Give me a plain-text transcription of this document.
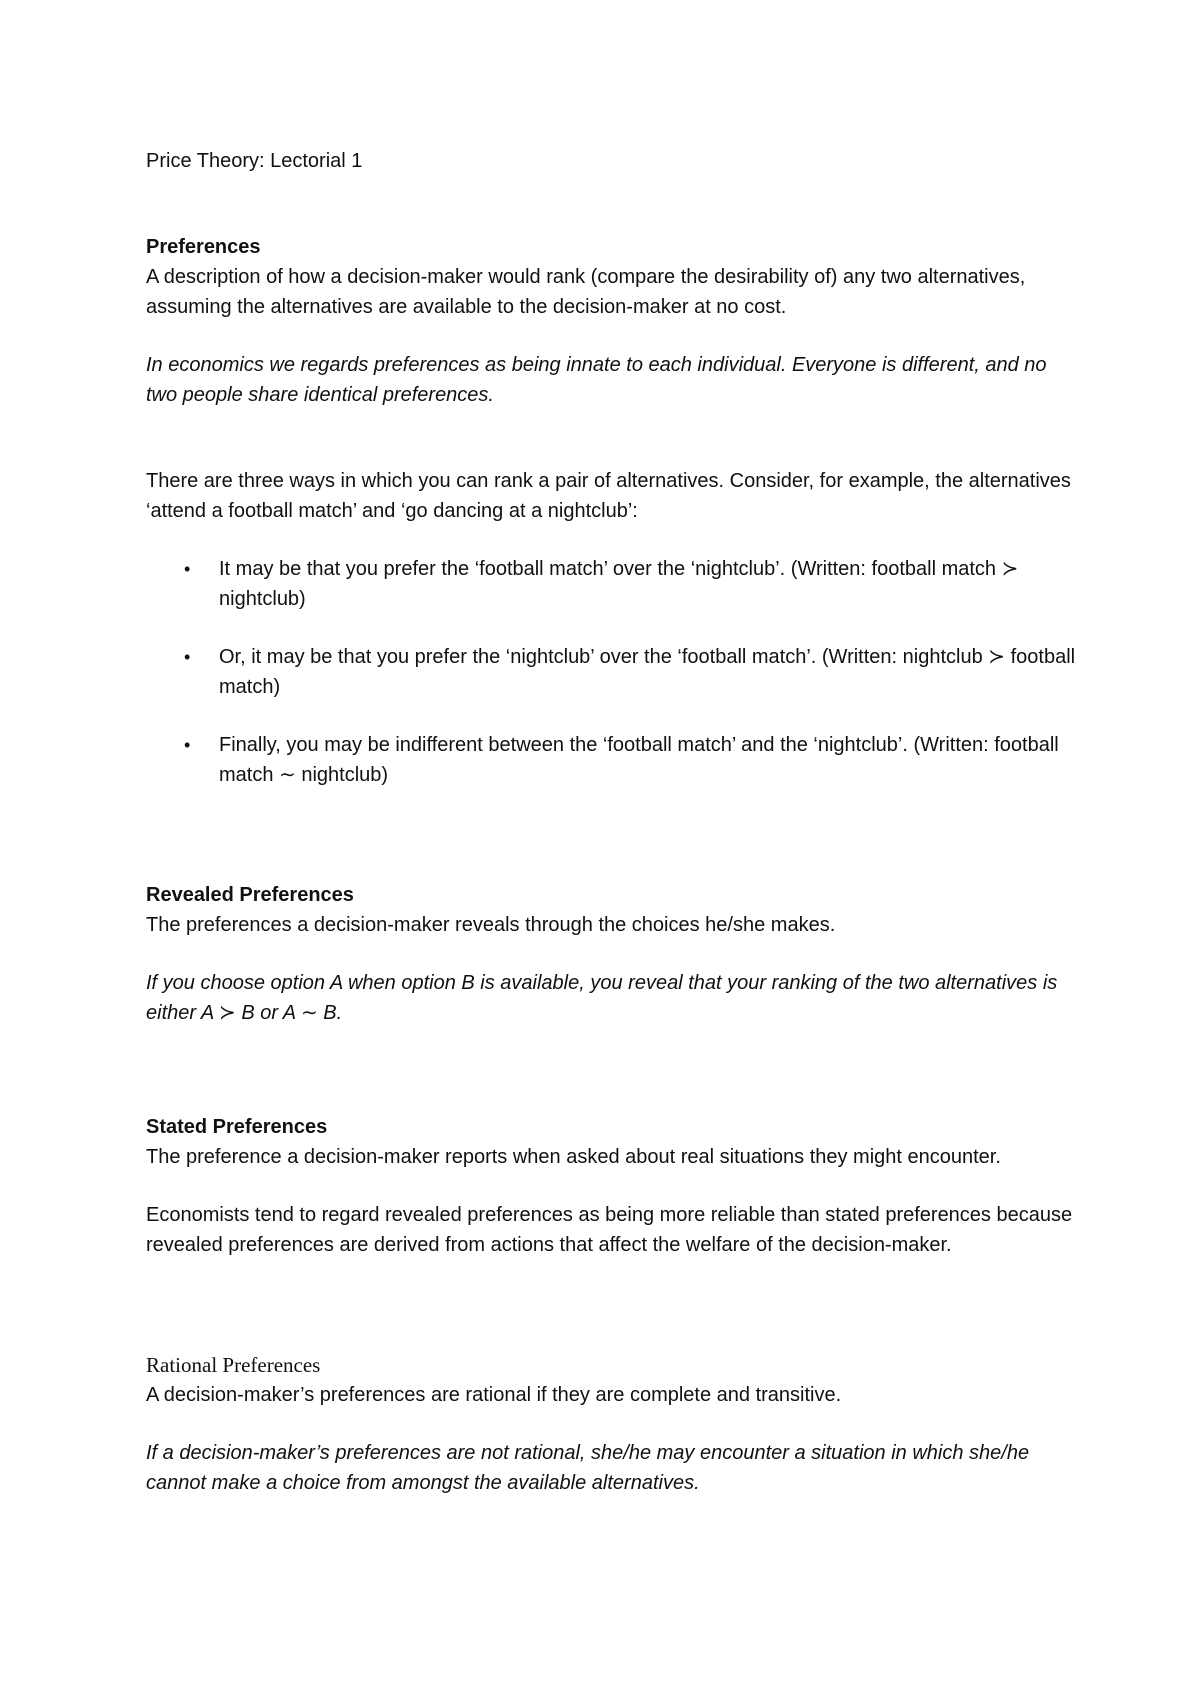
Price Theory: Lectorial 1
Preferences

A description of how a decision-maker would rank (compare the desirability of) any two alternatives, assuming the alternatives are available to the decision-maker at no cost.

In economics we regards preferences as being innate to each individual. Everyone is different, and no two people share identical preferences.

There are three ways in which you can rank a pair of alternatives. Consider, for example, the alternatives ‘attend a football match’ and ‘go dancing at a nightclub’:

• It may be that you prefer the ‘football match’ over the ‘nightclub’. (Written: football match ≻ nightclub)
• Or, it may be that you prefer the ‘nightclub’ over the ‘football match’. (Written: nightclub ≻ football match)
• Finally, you may be indifferent between the ‘football match’ and the ‘nightclub’. (Written: football match ∼ nightclub)
Revealed Preferences

The preferences a decision-maker reveals through the choices he/she makes.

If you choose option A when option B is available, you reveal that your ranking of the two alternatives is either A ≻ B or A ∼ B.

Stated Preferences

The preference a decision-maker reports when asked about real situations they might encounter.

Economists tend to regard revealed preferences as being more reliable than stated preferences because revealed preferences are derived from actions that affect the welfare of the decision-maker.

Rational Preferences

A decision-maker’s preferences are rational if they are complete and transitive.

If a decision-maker’s preferences are not rational, she/he may encounter a situation in which she/he cannot make a choice from amongst the available alternatives.
